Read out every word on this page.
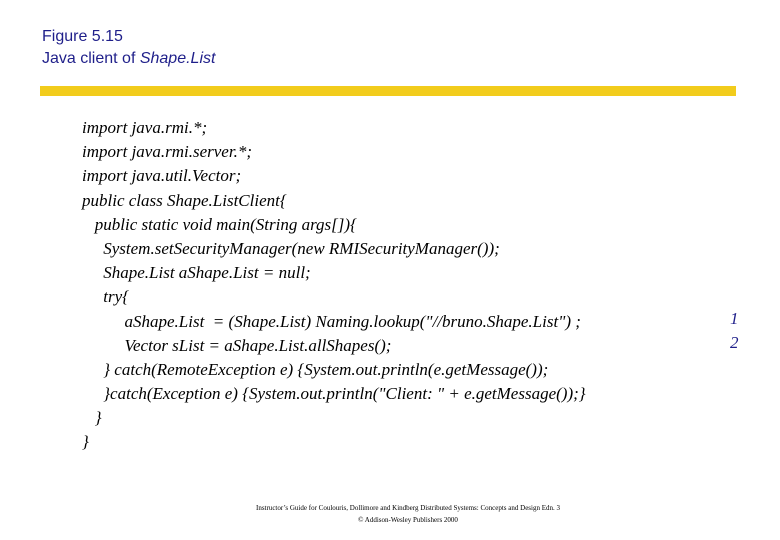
Figure 5.15
Java client of Shape.List
import java.rmi.*;
import java.rmi.server.*;
import java.util.Vector;
public class Shape.ListClient{
public static void main(String args[]){
System.setSecurityManager(new RMISecurityManager());
Shape.List aShape.List = null;
try{
aShape.List  = (Shape.List) Naming.lookup("//bruno.Shape.List") ;
Vector sList = aShape.List.allShapes();
} catch(RemoteException e) {System.out.println(e.getMessage());
}catch(Exception e) {System.out.println("Client: " + e.getMessage());}
}
}
1
2
Instructor’s Guide for Coulouris, Dollimore and Kindberg Distributed Systems: Concepts and Design Edn. 3
© Addison-Wesley Publishers 2000
